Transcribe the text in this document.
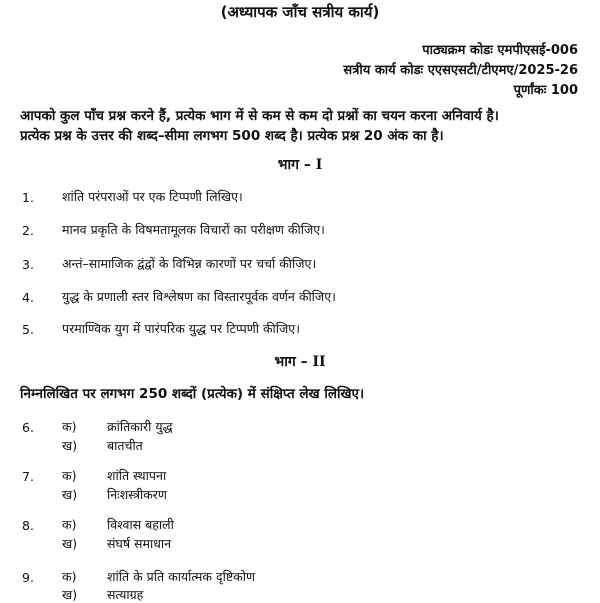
(अध्यापक जाँच सत्रीय कार्य)
पाठ्यक्रम कोडः एमपीएसई-006
सत्रीय कार्य कोडः एएसएसटी/टीएमए/2025-26
पूर्णांकः 100
आपको कुल पाँच प्रश्न करने हैं, प्रत्येक भाग में से कम से कम दो प्रश्नों का चयन करना अनिवार्य है।
प्रत्येक प्रश्न के उत्तर की शब्द–सीमा लगभग 500 शब्द है। प्रत्येक प्रश्न 20 अंक का है।
भाग – I
1. शांति परंपराओं पर एक टिप्पणी लिखिए।
2. मानव प्रकृति के विषमतामूलक विचारों का परीक्षण कीजिए।
3. अन्तं–सामाजिक द्वंद्वों के विभिन्न कारणों पर चर्चा कीजिए।
4. युद्ध के प्रणाली स्तर विश्लेषण का विस्तारपूर्वक वर्णन कीजिए।
5. परमाण्विक युग में पारंपरिक युद्ध पर टिप्पणी कीजिए।
भाग – II
निम्नलिखित पर लगभग 250 शब्दों (प्रत्येक) में संक्षिप्त लेख लिखिए।
6. क) क्रांतिकारी युद्ध
ख) बातचीत
7. क) शांति स्थापना
ख) निःशस्त्रीकरण
8. क) विश्वास बहाली
ख) संघर्ष समाधान
9. क) शांति के प्रति कार्यात्मक दृष्टिकोण
ख) सत्याग्रह
